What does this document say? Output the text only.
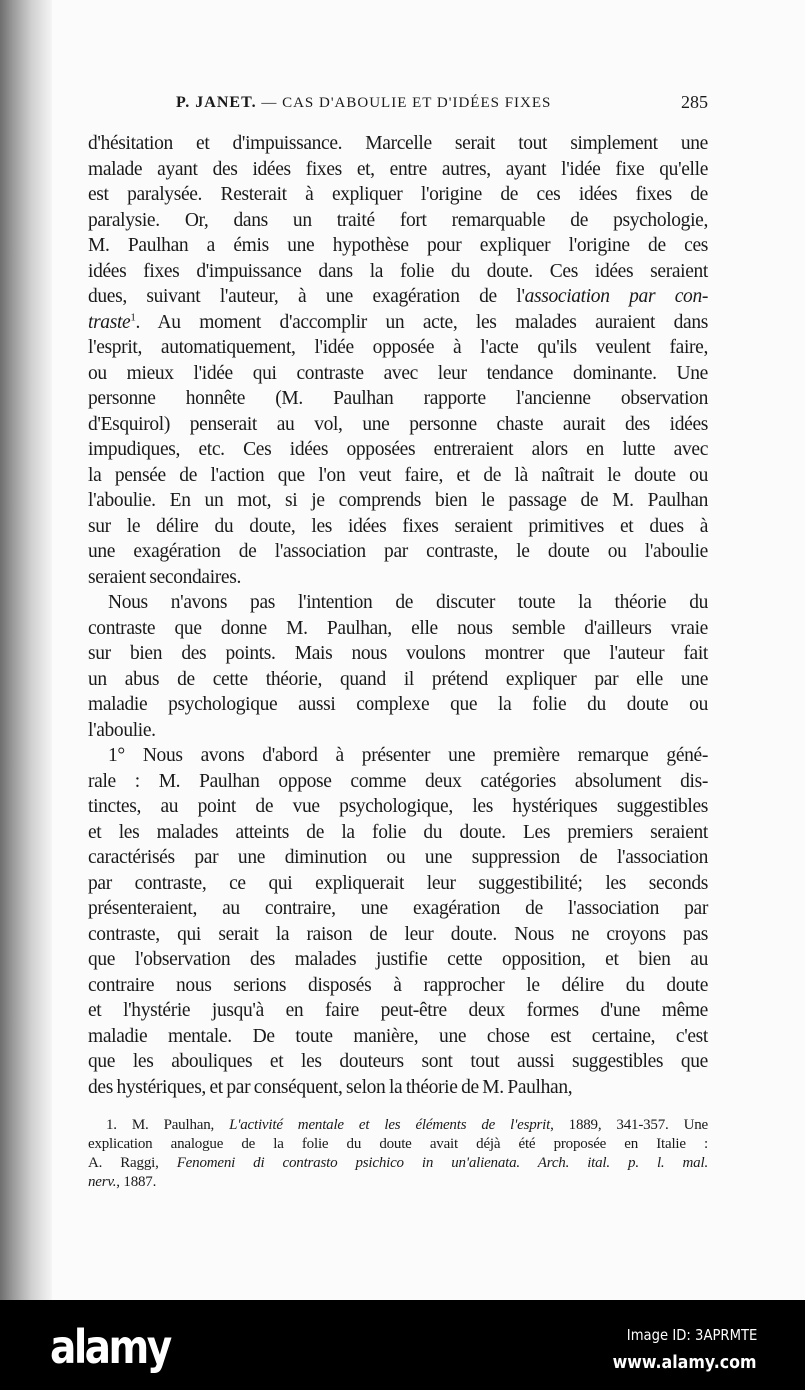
P. JANET. — CAS D'ABOULIE ET D'IDÉES FIXES	285
d'hésitation et d'impuissance. Marcelle serait tout simplement une
malade ayant des idées fixes et, entre autres, ayant l'idée fixe qu'elle
est paralysée. Resterait à expliquer l'origine de ces idées fixes de
paralysie. Or, dans un traité fort remarquable de psychologie,
M. Paulhan a émis une hypothèse pour expliquer l'origine de ces
idées fixes d'impuissance dans la folie du doute. Ces idées seraient
dues, suivant l'auteur, à une exagération de l'association par con-
traste$^1$. Au moment d'accomplir un acte, les malades auraient dans
l'esprit, automatiquement, l'idée opposée à l'acte qu'ils veulent faire,
ou mieux l'idée qui contraste avec leur tendance dominante. Une
personne honnête (M. Paulhan rapporte l'ancienne observation
d'Esquirol) penserait au vol, une personne chaste aurait des idées
impudiques, etc. Ces idées opposées entreraient alors en lutte avec
la pensée de l'action que l'on veut faire, et de là naîtrait le doute ou
l'aboulie. En un mot, si je comprends bien le passage de M. Paulhan
sur le délire du doute, les idées fixes seraient primitives et dues à
une exagération de l'association par contraste, le doute ou l'aboulie
seraient secondaires.
Nous n'avons pas l'intention de discuter toute la théorie du
contraste que donne M. Paulhan, elle nous semble d'ailleurs vraie
sur bien des points. Mais nous voulons montrer que l'auteur fait
un abus de cette théorie, quand il prétend expliquer par elle une
maladie psychologique aussi complexe que la folie du doute ou
l'aboulie.
1° Nous avons d'abord à présenter une première remarque géné-
rale : M. Paulhan oppose comme deux catégories absolument dis-
tinctes, au point de vue psychologique, les hystériques suggestibles
et les malades atteints de la folie du doute. Les premiers seraient
caractérisés par une diminution ou une suppression de l'association
par contraste, ce qui expliquerait leur suggestibilité; les seconds
présenteraient, au contraire, une exagération de l'association par
contraste, qui serait la raison de leur doute. Nous ne croyons pas
que l'observation des malades justifie cette opposition, et bien au
contraire nous serions disposés à rapprocher le délire du doute
et l'hystérie jusqu'à en faire peut-être deux formes d'une même
maladie mentale. De toute manière, une chose est certaine, c'est
que les abouliques et les douteurs sont tout aussi suggestibles que
des hystériques, et par conséquent, selon la théorie de M. Paulhan,
1. M. Paulhan, L'activité mentale et les éléments de l'esprit, 1889, 341-357. Une
explication analogue de la folie du doute avait déjà été proposée en Italie :
A. Raggi, Fenomeni di contrasto psichico in un'alienata. Arch. ital. p. l. mal.
nerv., 1887.
alamy	Image ID: 3APRMTE
www.alamy.com
